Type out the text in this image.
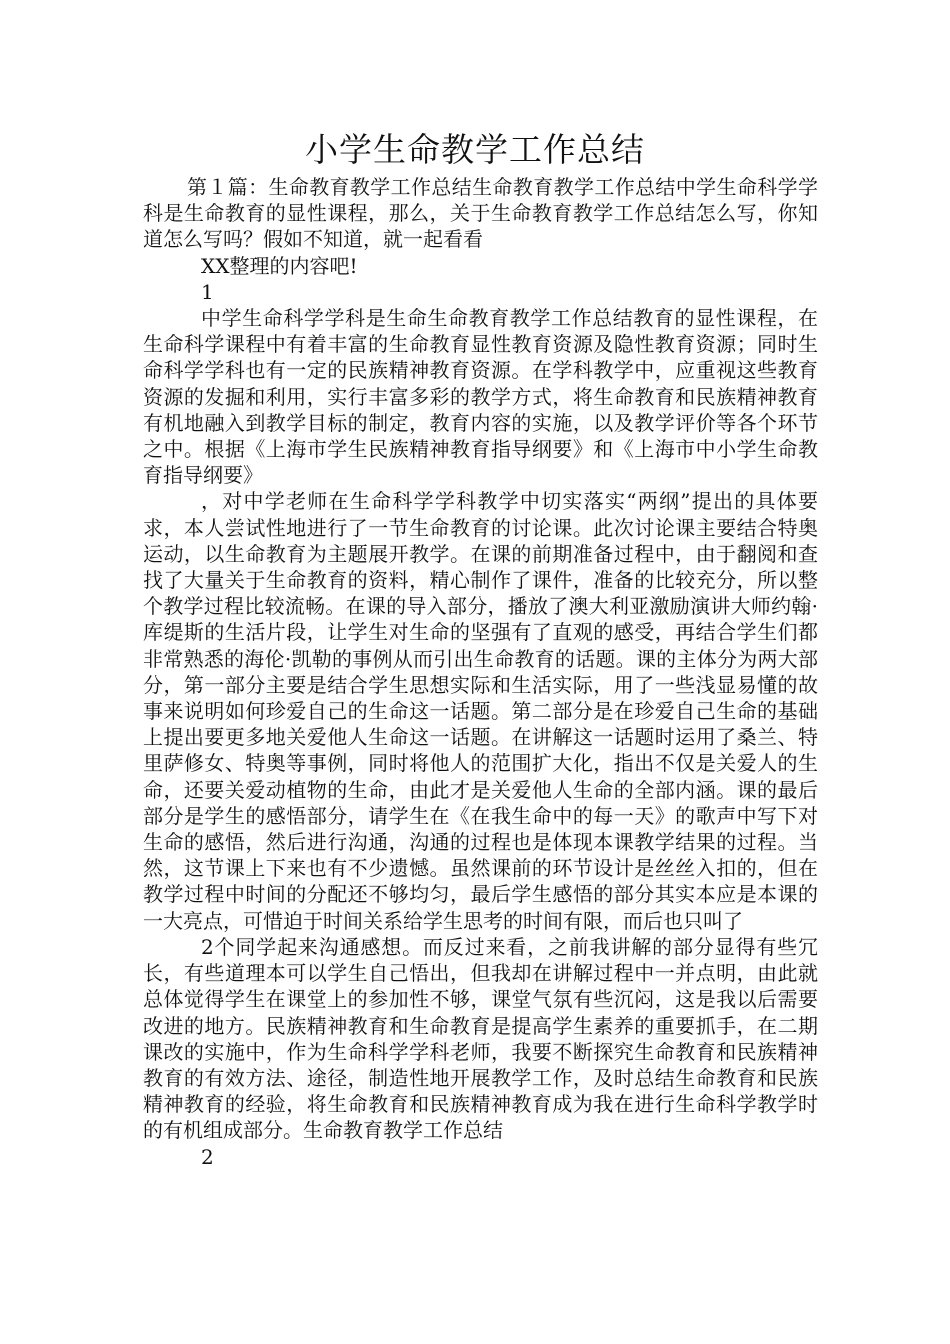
小学生命教学工作总结

第１篇：生命教育教学工作总结生命教育教学工作总结中学生命科学学科是生命教育的显性课程，那么，关于生命教育教学工作总结怎么写，你知道怎么写吗？假如不知道，就一起看看

XX整理的内容吧!

1

中学生命科学学科是生命生命教育教学工作总结教育的显性课程，在生命科学课程中有着丰富的生命教育显性教育资源及隐性教育资源；同时生命科学学科也有一定的民族精神教育资源。在学科教学中，应重视这些教育资源的发掘和利用，实行丰富多彩的教学方式，将生命教育和民族精神教育有机地融入到教学目标的制定，教育内容的实施，以及教学评价等各个环节之中。根据《上海市学生民族精神教育指导纲要》和《上海市中小学生命教育指导纲要》

，对中学老师在生命科学学科教学中切实落实“两纲”提出的具体要求，本人尝试性地进行了一节生命教育的讨论课。此次讨论课主要结合特奥运动，以生命教育为主题展开教学。在课的前期准备过程中，由于翻阅和查找了大量关于生命教育的资料，精心制作了课件，准备的比较充分，所以整个教学过程比较流畅。在课的导入部分，播放了澳大利亚激励演讲大师约翰·库缇斯的生活片段，让学生对生命的坚强有了直观的感受，再结合学生们都非常熟悉的海伦·凯勒的事例从而引出生命教育的话题。课的主体分为两大部分，第一部分主要是结合学生思想实际和生活实际，用了一些浅显易懂的故事来说明如何珍爱自己的生命这一话题。第二部分是在珍爱自己生命的基础上提出要更多地关爱他人生命这一话题。在讲解这一话题时运用了桑兰、特里萨修女、特奥等事例，同时将他人的范围扩大化，指出不仅是关爱人的生命，还要关爱动植物的生命，由此才是关爱他人生命的全部内涵。课的最后部分是学生的感悟部分，请学生在《在我生命中的每一天》的歌声中写下对生命的感悟，然后进行沟通，沟通的过程也是体现本课教学结果的过程。当然，这节课上下来也有不少遗憾。虽然课前的环节设计是丝丝入扣的，但在教学过程中时间的分配还不够均匀，最后学生感悟的部分其实本应是本课的一大亮点，可惜迫于时间关系给学生思考的时间有限，而后也只叫了

2个同学起来沟通感想。而反过来看，之前我讲解的部分显得有些冗长，有些道理本可以学生自己悟出，但我却在讲解过程中一并点明，由此就总体觉得学生在课堂上的参加性不够，课堂气氛有些沉闷，这是我以后需要改进的地方。民族精神教育和生命教育是提高学生素养的重要抓手，在二期课改的实施中，作为生命科学学科老师，我要不断探究生命教育和民族精神教育的有效方法、途径，制造性地开展教学工作，及时总结生命教育和民族精神教育的经验，将生命教育和民族精神教育成为我在进行生命科学教学时的有机组成部分。生命教育教学工作总结

2
